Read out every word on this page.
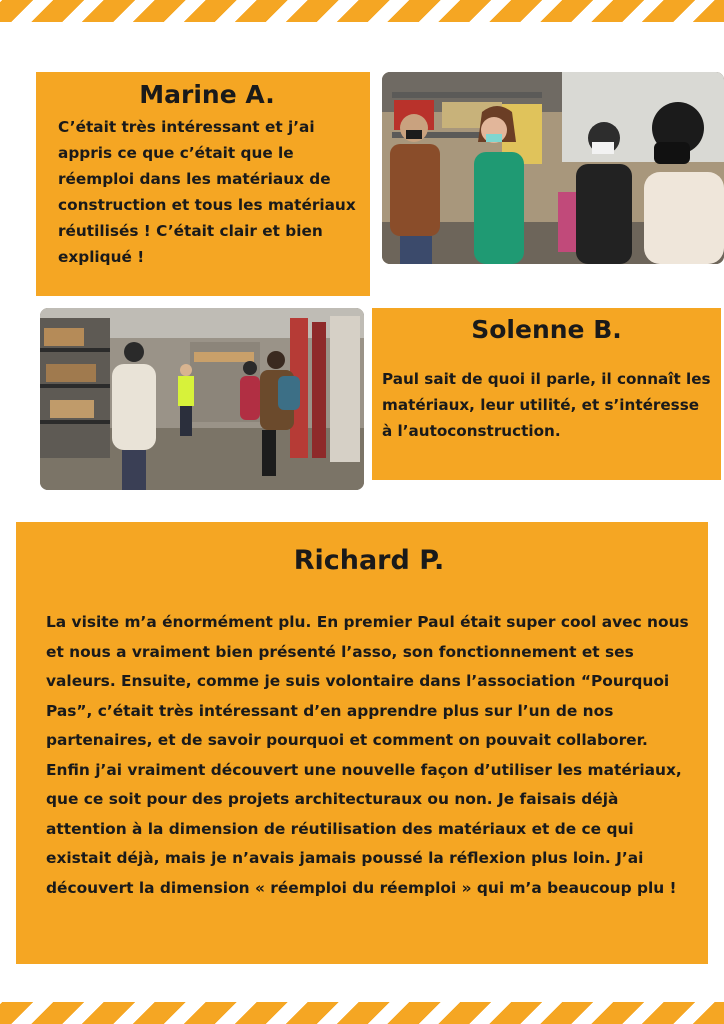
Marine A.

C’était très intéressant et j’ai appris ce que c’était que le réemploi dans les matériaux de construction et tous les matériaux réutilisés ! C’était clair et bien expliqué !

Solenne B.

Paul sait de quoi il parle, il connaît les matériaux, leur utilité, et s’intéresse à l’autoconstruction.

Richard P.

La visite m’a énormément plu. En premier Paul était super cool avec nous et nous a vraiment bien présenté l’asso, son fonctionnement et ses valeurs. Ensuite, comme je suis volontaire dans l’association “Pourquoi Pas”, c’était très intéressant d’en apprendre plus sur l’un de nos partenaires, et de savoir pourquoi et comment on pouvait collaborer. Enfin j’ai vraiment découvert une nouvelle façon d’utiliser les matériaux, que ce soit pour des projets architecturaux ou non. Je faisais déjà attention à la dimension de réutilisation des matériaux et de ce qui existait déjà, mais je n’avais jamais poussé la réflexion plus loin. J’ai découvert la dimension « réemploi du réemploi » qui m’a beaucoup plu !
